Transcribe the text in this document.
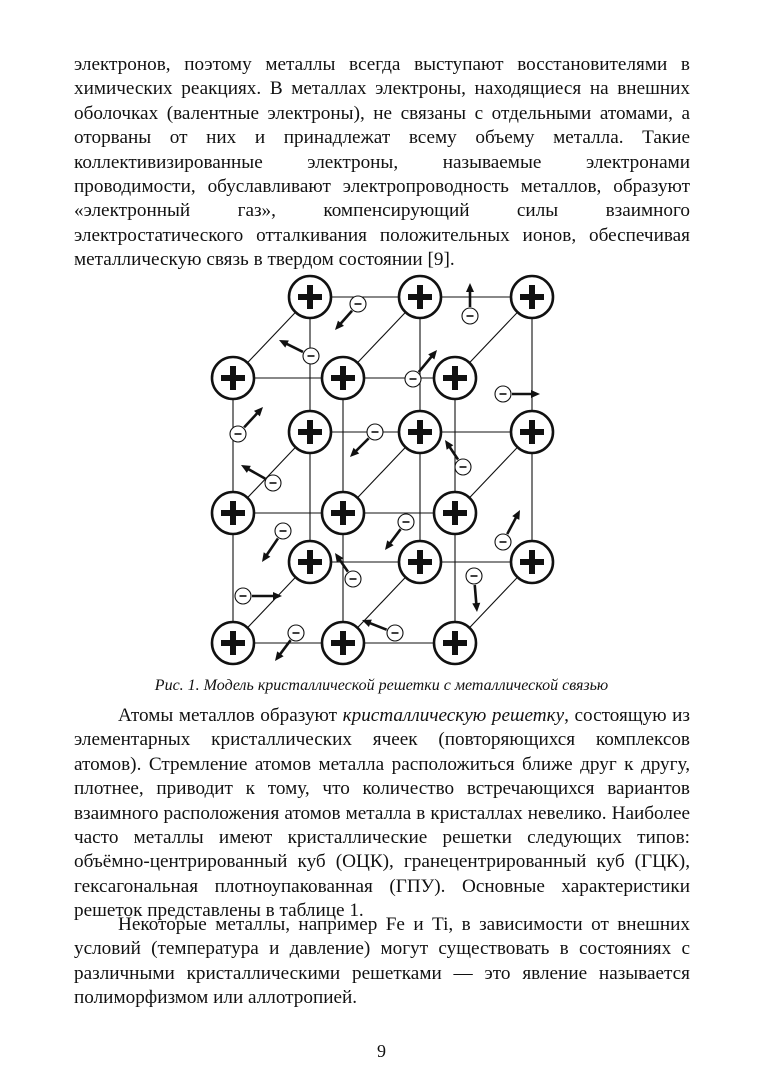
электронов, поэтому металлы всегда выступают восстановителями в химических реакциях. В металлах электроны, находящиеся на внешних оболочках (валентные электроны), не связаны с отдельными атомами, а оторваны от них и принадлежат всему объему металла. Такие коллективизированные электроны, называемые электронами проводимости, обуславливают электропроводность металлов, образуют «электронный газ», компенсирующий силы взаимного электростатического отталкивания положительных ионов, обеспечивая металлическую связь в твердом состоянии [9].

Рис. 1. Модель кристаллической решетки с металлической связью

Атомы металлов образуют кристаллическую решетку, состоящую из элементарных кристаллических ячеек (повторяющихся комплексов атомов). Стремление атомов металла расположиться ближе друг к другу, плотнее, приводит к тому, что количество встречающихся вариантов взаимного расположения атомов металла в кристаллах невелико. Наиболее часто металлы имеют кристаллические решетки следующих типов: объёмно-центрированный куб (ОЦК), гранецентрированный куб (ГЦК), гексагональная плотноупакованная (ГПУ). Основные характеристики решеток представлены в таблице 1.

Некоторые металлы, например Fe и Ti, в зависимости от внешних условий (температура и давление) могут существовать в состояниях с различными кристаллическими решетками — это явление называется полиморфизмом или аллотропией.

9
